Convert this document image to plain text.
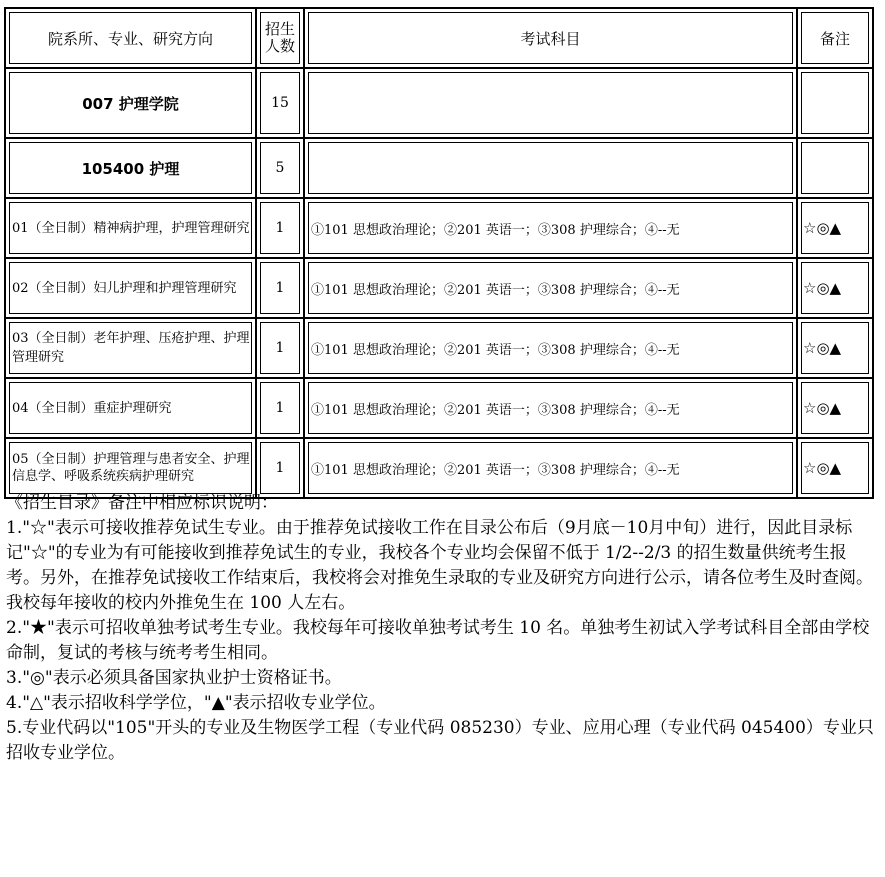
院系所、专业、研究方向	招生人数	考试科目	备注

007 护理学院	15		

105400 护理	5		

01（全日制）精神病护理，护理管理研究	1	①101 思想政治理论；②201 英语一；③308 护理综合；④--无	☆◎▲

02（全日制）妇儿护理和护理管理研究	1	①101 思想政治理论；②201 英语一；③308 护理综合；④--无	☆◎▲

03（全日制）老年护理、压疮护理、护理管理研究	1	①101 思想政治理论；②201 英语一；③308 护理综合；④--无	☆◎▲

04（全日制）重症护理研究	1	①101 思想政治理论；②201 英语一；③308 护理综合；④--无	☆◎▲

05（全日制）护理管理与患者安全、护理信息学、呼吸系统疾病护理研究	1	①101 思想政治理论；②201 英语一；③308 护理综合；④--无	☆◎▲

《招生目录》备注中相应标识说明：

1."☆"表示可接收推荐免试生专业。由于推荐免试接收工作在目录公布后（9月底－10月中旬）进行，因此目录标记"☆"的专业为有可能接收到推荐免试生的专业，我校各个专业均会保留不低于 1/2--2/3 的招生数量供统考生报考。另外，在推荐免试接收工作结束后，我校将会对推免生录取的专业及研究方向进行公示，请各位考生及时查阅。我校每年接收的校内外推免生在 100 人左右。

2."★"表示可招收单独考试考生专业。我校每年可接收单独考试考生 10 名。单独考生初试入学考试科目全部由学校命制，复试的考核与统考考生相同。

3."◎"表示必须具备国家执业护士资格证书。

4."△"表示招收科学学位，"▲"表示招收专业学位。

5.专业代码以"105"开头的专业及生物医学工程（专业代码 085230）专业、应用心理（专业代码 045400）专业只招收专业学位。
